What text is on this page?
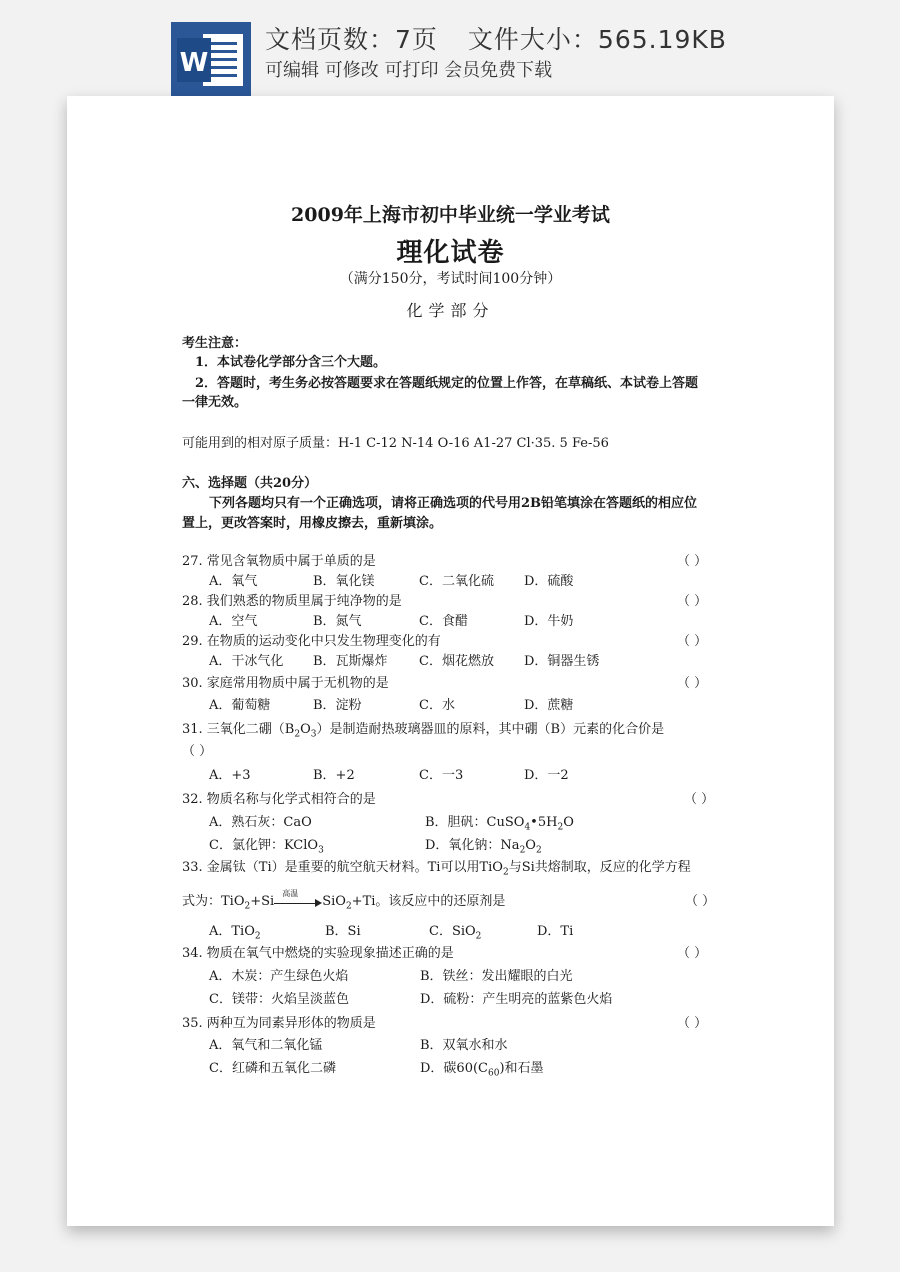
W
文档页数：7页 文件大小：565.19KB
可编辑 可修改 可打印 会员免费下载
2009年上海市初中毕业统一学业考试
理化试卷
（满分150分，考试时间100分钟）
化学部分
考生注意：
1．本试卷化学部分含三个大题。
2．答题时，考生务必按答题要求在答题纸规定的位置上作答，在草稿纸、本试卷上答题
一律无效。
可能用到的相对原子质量：H-1 C-12 N-14 O-16 A1-27 Cl·35. 5 Fe-56
六、选择题（共20分）
下列各题均只有一个正确选项，请将正确选项的代号用2B铅笔填涂在答题纸的相应位
置上，更改答案时，用橡皮擦去，重新填涂。
27. 常见含氧物质中属于单质的是	（ ）
A．氧气	B．氧化镁	C．二氧化硫 D．硫酸
28. 我们熟悉的物质里属于纯净物的是	（ ）
A．空气	B．氮气	C．食醋	D．牛奶
29. 在物质的运动变化中只发生物理变化的有	（ ）
A．干冰气化 B．瓦斯爆炸 C．烟花燃放 D．铜器生锈
30. 家庭常用物质中属于无机物的是	（ ）
A．葡萄糖	B．淀粉	C．水	D．蔗糖
31. 三氧化二硼$(B_2O_3)$是制造耐热玻璃器皿的原料，其中硼（B）元素的化合价是
（ ）
A．+3	B．+2	C．一3	D．一2
32. 物质名称与化学式相符合的是	（ ）
A．熟石灰：CaO	B．胆矾：$CuSO_4•5H_2O$
C．氯化钾：KClO$_3$	D．氧化钠：$Na_2O_2$
33. 金属钛（Ti）是重要的航空航天材料。Ti可以用TiO$_2$与Si共熔制取，反应的化学方程
式为：TiO$_2$+Si
高温
SiO$_2$+Ti。该反应中的还原剂是	（ ）
A．TiO$_2$	B．Si	C．SiO$_2$	D．Ti
34. 物质在氧气中燃烧的实验现象描述正确的是	（ ）
A．木炭：产生绿色火焰	B．铁丝：发出耀眼的白光
C．镁带：火焰呈淡蓝色	D．硫粉：产生明亮的蓝紫色火焰
35. 两种互为同素异形体的物质是	（ ）
A．氧气和二氧化锰	B．双氧水和水
C．红磷和五氧化二磷	D．碳$60(C_{60})$和石墨
